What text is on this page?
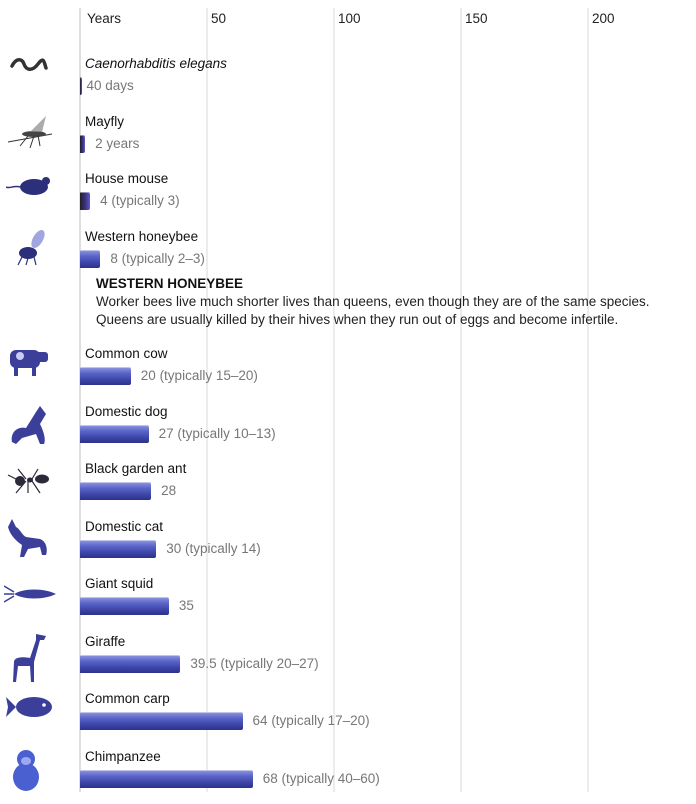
Years	50	100	150	200
Caenorhabditis elegans
40 days
Mayfly
2 years
House mouse
4 (typically 3)
Western honeybee
8 (typically 2–3)
Common cow
20 (typically 15–20)
Domestic dog
27 (typically 10–13)
Black garden ant
28
Domestic cat
30 (typically 14)
Giant squid
35
Giraffe
39.5 (typically 20–27)
Common carp
64 (typically 17–20)
Chimpanzee
68 (typically 40–60)
WESTERN HONEYBEE
Worker bees live much shorter lives than queens, even though they are of the same species. Queens are usually killed by their hives when they run out of eggs and become infertile.
